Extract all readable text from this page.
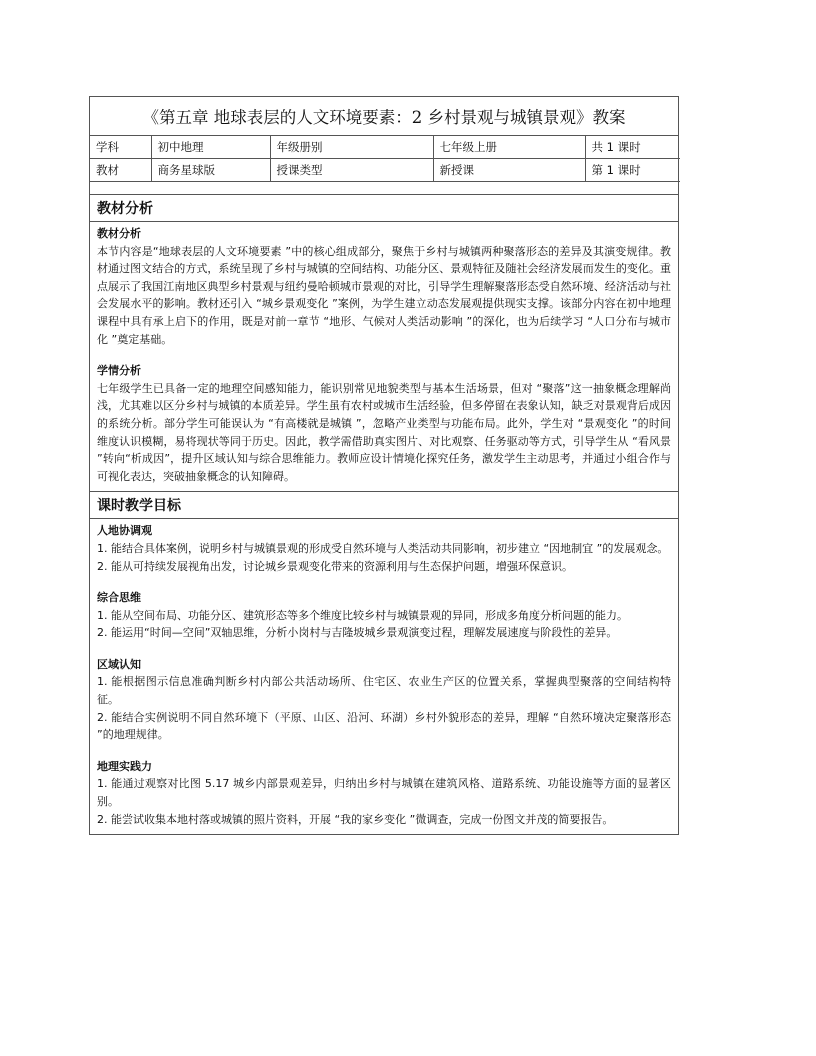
《第五章 地球表层的人文环境要素：2 乡村景观与城镇景观》教案
学科	初中地理	年级册别	七年级上册	共 1 课时
教材	商务星球版	授课类型	新授课	第 1 课时
教材分析
教材分析

本节内容是“地球表层的人文环境要素 ”中的核心组成部分，聚焦于乡村与城镇两种聚落形态的差异及其演变规律。教材通过图文结合的方式，系统呈现了乡村与城镇的空间结构、功能分区、景观特征及随社会经济发展而发生的变化。重点展示了我国江南地区典型乡村景观与纽约曼哈顿城市景观的对比，引导学生理解聚落形态受自然环境、经济活动与社会发展水平的影响。教材还引入 “城乡景观变化 ”案例，为学生建立动态发展观提供现实支撑。该部分内容在初中地理课程中具有承上启下的作用，既是对前一章节 “地形、气候对人类活动影响 ”的深化，也为后续学习 “人口分布与城市化 ”奠定基础。

学情分析

七年级学生已具备一定的地理空间感知能力，能识别常见地貌类型与基本生活场景，但对 “聚落”这一抽象概念理解尚浅，尤其难以区分乡村与城镇的本质差异。学生虽有农村或城市生活经验，但多停留在表象认知，缺乏对景观背后成因的系统分析。部分学生可能误认为 “有高楼就是城镇 ”，忽略产业类型与功能布局。此外，学生对 “景观变化 ”的时间维度认识模糊，易将现状等同于历史。因此，教学需借助真实图片、对比观察、任务驱动等方式，引导学生从 “看风景 ”转向“析成因”，提升区域认知与综合思维能力。教师应设计情境化探究任务，激发学生主动思考，并通过小组合作与可视化表达，突破抽象概念的认知障碍。

课时教学目标
人地协调观

1. 能结合具体案例，说明乡村与城镇景观的形成受自然环境与人类活动共同影响，初步建立 “因地制宜 ”的发展观念。

2. 能从可持续发展视角出发，讨论城乡景观变化带来的资源利用与生态保护问题，增强环保意识。

综合思维

1. 能从空间布局、功能分区、建筑形态等多个维度比较乡村与城镇景观的异同，形成多角度分析问题的能力。

2. 能运用“时间—空间”双轴思维，分析小岗村与吉隆坡城乡景观演变过程，理解发展速度与阶段性的差异。

区域认知

1. 能根据图示信息准确判断乡村内部公共活动场所、住宅区、农业生产区的位置关系，掌握典型聚落的空间结构特征。

2. 能结合实例说明不同自然环境下（平原、山区、沿河、环湖）乡村外貌形态的差异，理解 “自然环境决定聚落形态 ”的地理规律。

地理实践力

1. 能通过观察对比图 5.17 城乡内部景观差异，归纳出乡村与城镇在建筑风格、道路系统、功能设施等方面的显著区别。

2. 能尝试收集本地村落或城镇的照片资料，开展 “我的家乡变化 ”微调查，完成一份图文并茂的简要报告。
